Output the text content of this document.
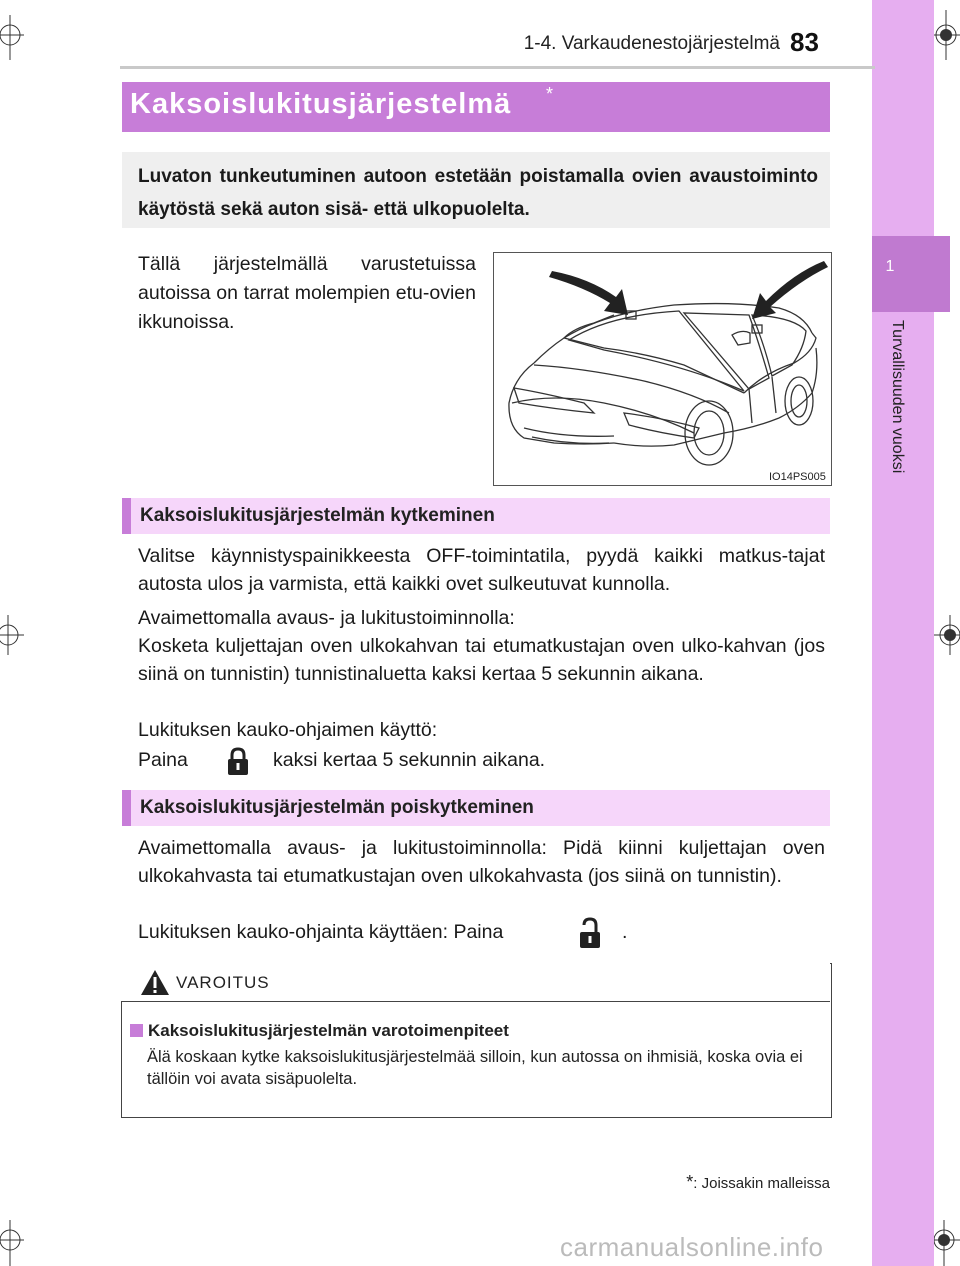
1
Turvallisuuden vuoksi
1-4. Varkaudenestojärjestelmä 83
Kaksoislukitusjärjestelmä *
Luvaton tunkeutuminen autoon estetään poistamalla ovien avaustoiminto käytöstä sekä auton sisä- että ulkopuolelta.
Tällä järjestelmällä varustetuissa autoissa on tarrat molempien etu-ovien ikkunoissa.
IO14PS005
Kaksoislukitusjärjestelmän kytkeminen
Valitse käynnistyspainikkeesta OFF-toimintatila, pyydä kaikki matkus-tajat autosta ulos ja varmista, että kaikki ovet sulkeutuvat kunnolla.
Avaimettomalla avaus- ja lukitustoiminnolla:
Kosketa kuljettajan oven ulkokahvan tai etumatkustajan oven ulko-kahvan (jos siinä on tunnistin) tunnistinaluetta kaksi kertaa 5 sekunnin aikana.
Lukituksen kauko-ohjaimen käyttö:
Paina	kaksi kertaa 5 sekunnin aikana.
Kaksoislukitusjärjestelmän poiskytkeminen
Avaimettomalla avaus- ja lukitustoiminnolla: Pidä kiinni kuljettajan oven ulkokahvasta tai etumatkustajan oven ulkokahvasta (jos siinä on tunnistin).
Lukituksen kauko-ohjainta käyttäen: Paina	.
VAROITUS
Kaksoislukitusjärjestelmän varotoimenpiteet
Älä koskaan kytke kaksoislukitusjärjestelmää silloin, kun autossa on ihmisiä, koska ovia ei tällöin voi avata sisäpuolelta.
*: Joissakin malleissa
carmanualsonline.info
